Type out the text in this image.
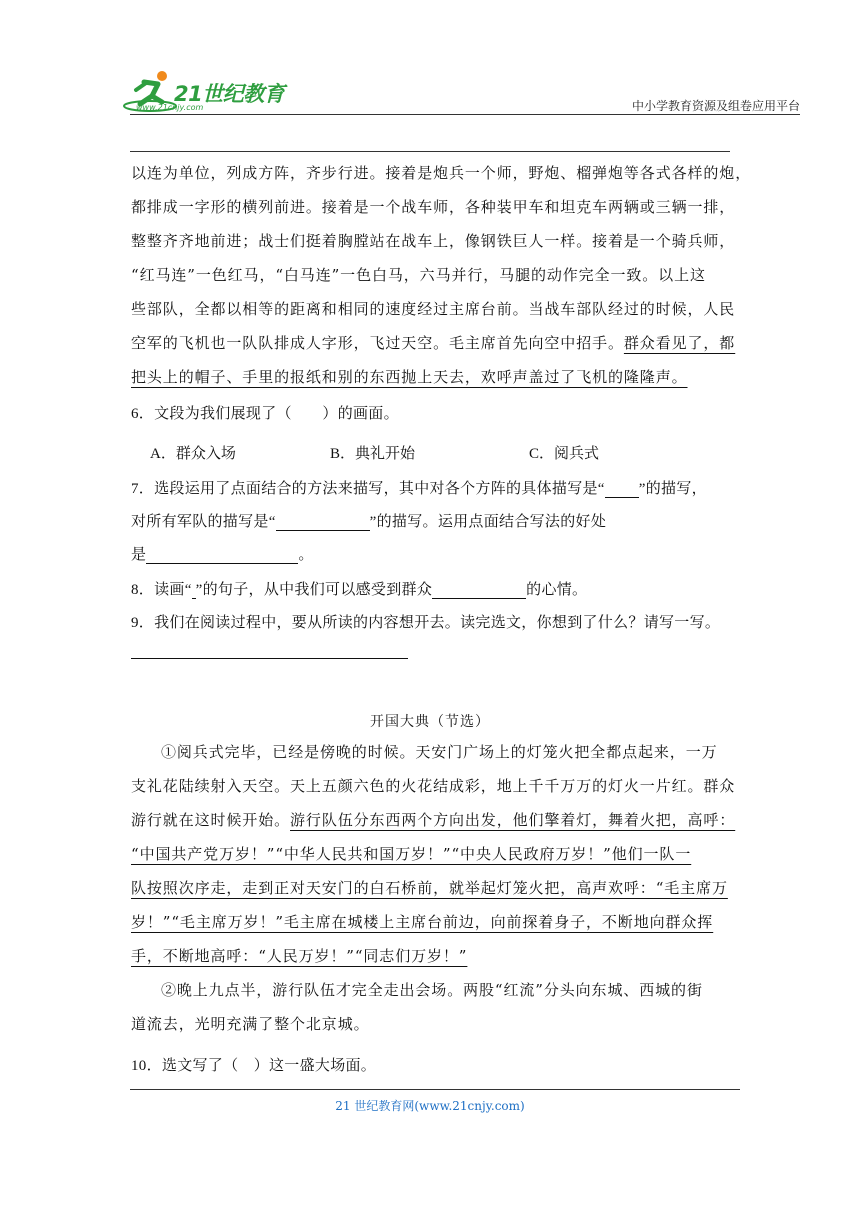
21世纪教育
www.21cnjy.com	中小学教育资源及组卷应用平台
以连为单位，列成方阵，齐步行进。接着是炮兵一个师，野炮、榴弹炮等各式各样的炮，
都排成一字形的横列前进。接着是一个战车师，各种装甲车和坦克车两辆或三辆一排，
整整齐齐地前进；战士们挺着胸膛站在战车上，像钢铁巨人一样。接着是一个骑兵师，
“红马连”一色红马，“白马连”一色白马，六马并行，马腿的动作完全一致。以上这
些部队，全都以相等的距离和相同的速度经过主席台前。当战车部队经过的时候，人民
空军的飞机也一队队排成人字形，飞过天空。毛主席首先向空中招手。群众看见了，都
把头上的帽子、手里的报纸和别的东西抛上天去，欢呼声盖过了飞机的隆隆声。
6．文段为我们展现了（　　）的画面。
A．群众入场	B．典礼开始	C．阅兵式
7．选段运用了点面结合的方法来描写，其中对各个方阵的具体描写是“ ”的描写，
对所有军队的描写是“	”的描写。运用点面结合写法的好处
是	。
8．读画“ ”的句子，从中我们可以感受到群众	的心情。
9．我们在阅读过程中，要从所读的内容想开去。读完选文，你想到了什么？请写一写。
开国大典（节选）
①阅兵式完毕，已经是傍晚的时候。天安门广场上的灯笼火把全都点起来，一万
支礼花陆续射入天空。天上五颜六色的火花结成彩，地上千千万万的灯火一片红。群众
游行就在这时候开始。游行队伍分东西两个方向出发，他们擎着灯，舞着火把，高呼：
“中国共产党万岁！”“中华人民共和国万岁！”“中央人民政府万岁！”他们一队一
队按照次序走，走到正对天安门的白石桥前，就举起灯笼火把，高声欢呼：“毛主席万
岁！”“毛主席万岁！”毛主席在城楼上主席台前边，向前探着身子，不断地向群众挥
手，不断地高呼：“人民万岁！”“同志们万岁！”
②晚上九点半，游行队伍才完全走出会场。两股“红流”分头向东城、西城的街
道流去，光明充满了整个北京城。
10．选文写了（　）这一盛大场面。
21 世纪教育网(www.21cnjy.com)
